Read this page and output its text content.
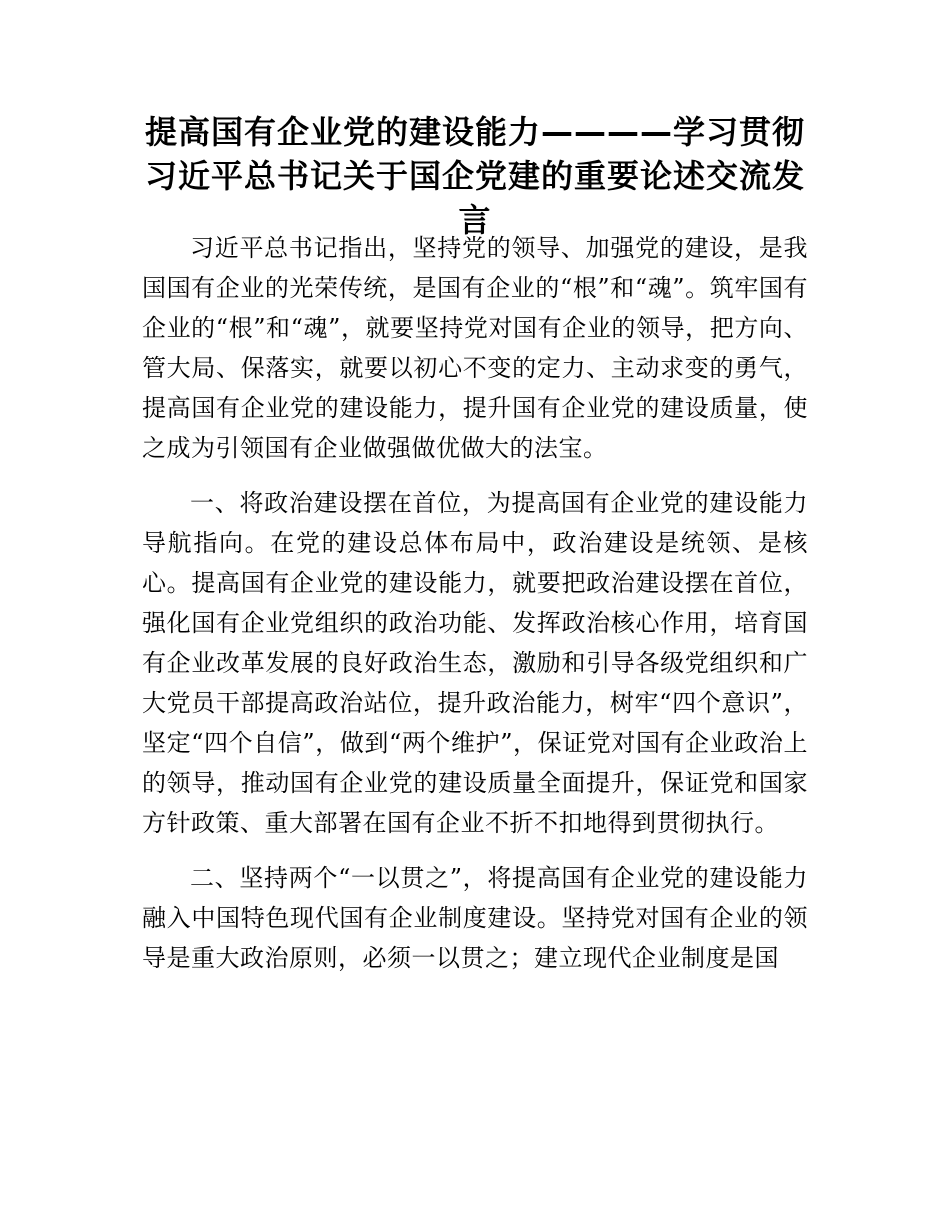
提高国有企业党的建设能力————学习贯彻习近平总书记关于国企党建的重要论述交流发言

习近平总书记指出，坚持党的领导、加强党的建设，是我国国有企业的光荣传统，是国有企业的“根”和“魂”。筑牢国有企业的“根”和“魂”，就要坚持党对国有企业的领导，把方向、管大局、保落实，就要以初心不变的定力、主动求变的勇气，提高国有企业党的建设能力，提升国有企业党的建设质量，使之成为引领国有企业做强做优做大的法宝。

一、将政治建设摆在首位，为提高国有企业党的建设能力导航指向。在党的建设总体布局中，政治建设是统领、是核心。提高国有企业党的建设能力，就要把政治建设摆在首位，强化国有企业党组织的政治功能、发挥政治核心作用，培育国有企业改革发展的良好政治生态，激励和引导各级党组织和广大党员干部提高政治站位，提升政治能力，树牢“四个意识”，坚定“四个自信”，做到“两个维护”，保证党对国有企业政治上的领导，推动国有企业党的建设质量全面提升，保证党和国家方针政策、重大部署在国有企业不折不扣地得到贯彻执行。

二、坚持两个“一以贯之”，将提高国有企业党的建设能力融入中国特色现代国有企业制度建设。坚持党对国有企业的领导是重大政治原则，必须一以贯之；建立现代企业制度是国
